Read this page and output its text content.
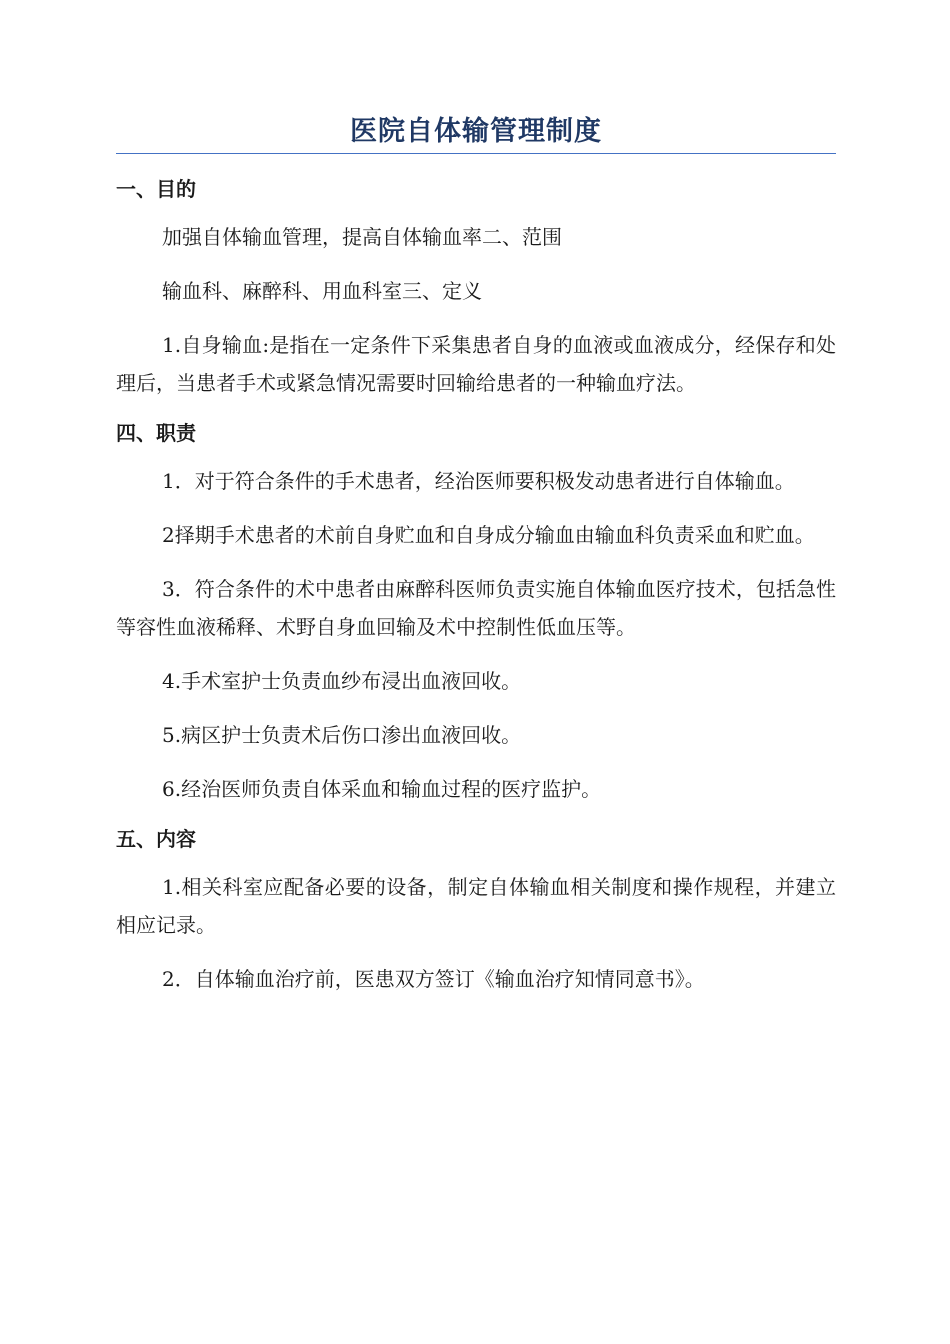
医院自体输管理制度
一、目的

加强自体输血管理，提高自体输血率二、范围

输血科、麻醉科、用血科室三、定义

1.自身输血:是指在一定条件下采集患者自身的血液或血液成分，经保存和处理后，当患者手术或紧急情况需要时回输给患者的一种输血疗法。

四、职责

1．对于符合条件的手术患者，经治医师要积极发动患者进行自体输血。

2择期手术患者的术前自身贮血和自身成分输血由输血科负责采血和贮血。

3．符合条件的术中患者由麻醉科医师负责实施自体输血医疗技术，包括急性等容性血液稀释、术野自身血回输及术中控制性低血压等。

4.手术室护士负责血纱布浸出血液回收。

5.病区护士负责术后伤口渗出血液回收。

6.经治医师负责自体采血和输血过程的医疗监护。

五、内容

1.相关科室应配备必要的设备，制定自体输血相关制度和操作规程，并建立相应记录。

2．自体输血治疗前，医患双方签订《输血治疗知情同意书》。
